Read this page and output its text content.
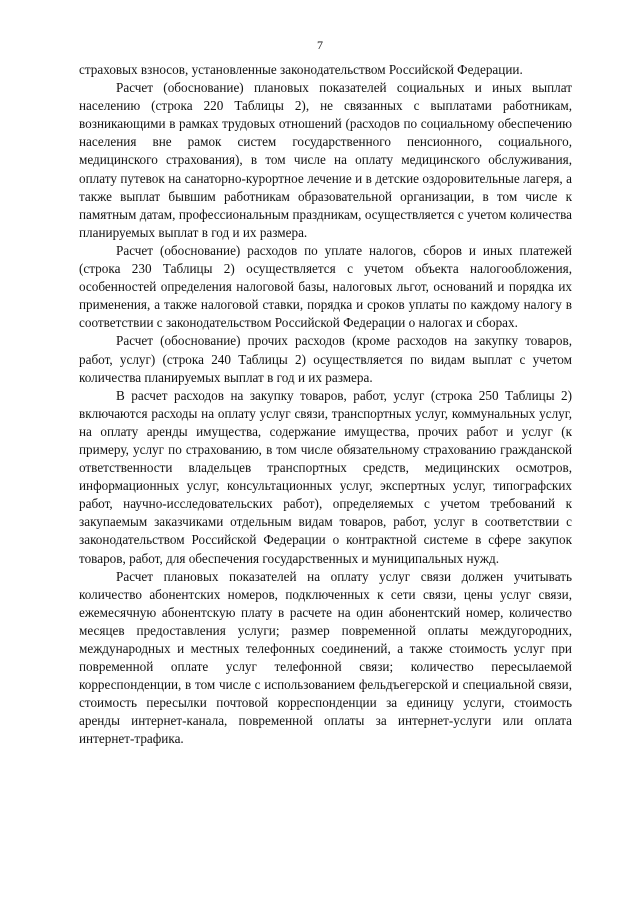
7

страховых взносов, установленные законодательством Российской Федерации.

Расчет (обоснование) плановых показателей социальных и иных выплат населению (строка 220 Таблицы 2), не связанных с выплатами работникам, возникающими в рамках трудовых отношений (расходов по социальному обеспечению населения вне рамок систем государственного пенсионного, социального, медицинского страхования), в том числе на оплату медицинского обслуживания, оплату путевок на санаторно-курортное лечение и в детские оздоровительные лагеря, а также выплат бывшим работникам образовательной организации, в том числе к памятным датам, профессиональным праздникам, осуществляется с учетом количества планируемых выплат в год и их размера.

Расчет (обоснование) расходов по уплате налогов, сборов и иных платежей (строка 230 Таблицы 2) осуществляется с учетом объекта налогообложения, особенностей определения налоговой базы, налоговых льгот, оснований и порядка их применения, а также налоговой ставки, порядка и сроков уплаты по каждому налогу в соответствии с законодательством Российской Федерации о налогах и сборах.

Расчет (обоснование) прочих расходов (кроме расходов на закупку товаров, работ, услуг) (строка 240 Таблицы 2) осуществляется по видам выплат с учетом количества планируемых выплат в год и их размера.

В расчет расходов на закупку товаров, работ, услуг (строка 250 Таблицы 2) включаются расходы на оплату услуг связи, транспортных услуг, коммунальных услуг, на оплату аренды имущества, содержание имущества, прочих работ и услуг (к примеру, услуг по страхованию, в том числе обязательному страхованию гражданской ответственности владельцев транспортных средств, медицинских осмотров, информационных услуг, консультационных услуг, экспертных услуг, типографских работ, научно-исследовательских работ), определяемых с учетом требований к закупаемым заказчиками отдельным видам товаров, работ, услуг в соответствии с законодательством Российской Федерации о контрактной системе в сфере закупок товаров, работ, для обеспечения государственных и муниципальных нужд.

Расчет плановых показателей на оплату услуг связи должен учитывать количество абонентских номеров, подключенных к сети связи, цены услуг связи, ежемесячную абонентскую плату в расчете на один абонентский номер, количество месяцев предоставления услуги; размер повременной оплаты междугородних, международных и местных телефонных соединений, а также стоимость услуг при повременной оплате услуг телефонной связи; количество пересылаемой корреспонденции, в том числе с использованием фельдъегерской и специальной связи, стоимость пересылки почтовой корреспонденции за единицу услуги, стоимость аренды интернет-канала, повременной оплаты за интернет-услуги или оплата интернет-трафика.
